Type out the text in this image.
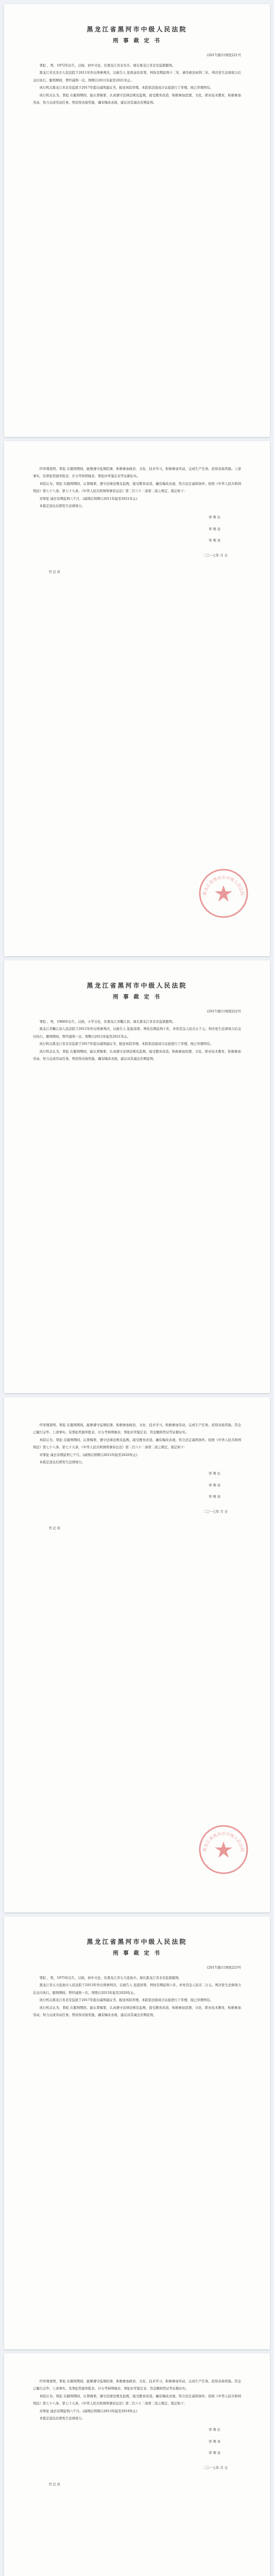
黑龙江省黑河市中级人民法院
刑 事 裁 定 书
(2017)黑11刑更221号

罪犯 ，男，1972年出生，汉族，初中文化，住黑龙江省北安市。现在黑龙江省北安监狱服刑。

黑龙江省北安市人民法院于2011年作出刑事判决，以被告人 犯故意伤害罪，判处有期徒刑十二年，剥夺政治权利二年。判决发生法律效力后交付执行。服刑期间，曾经减刑一次。刑期自2011年起至2021年止。

执行机关黑龙江省北安监狱于2017年提出减刑建议书，报送本院审理。本院依法组成合议庭进行了审理，现已审理终结。

执行机关认为，罪犯 在服刑期间，能认罪悔罪，认真遵守法律法规及监规，接受教育改造，积极参加思想、文化、职业技术教育，积极参加劳动，努力完成劳动任务。曾获得表扬奖励，确有悔改表现，建议对其减去有期徒刑。

经审理查明，罪犯 在服刑期间，能够遵守监规纪律，积极参加政治、文化、技术学习，积极参加劳动，完成生产任务。获得表扬奖励。上述事实，有罪犯奖励审批表、计分考核明细表、罪犯评审鉴定表等证据证实。

本院认为，罪犯 在服刑期间，认罪悔罪，遵守法律法规及监规，接受教育改造，确有悔改表现，符合法定减刑条件。依照《中华人民共和国刑法》第七十八条、第七十九条，《中华人民共和国刑事诉讼法》第二百六十二条第二款之规定，裁定如下：

对罪犯 减去有期徒刑八个月。(减刑后刑期自2011年起至2021年止)

本裁定送达后即发生法律效力。

审 判 长
审 判 员
审 判 员
二〇一七年 月 日
书 记 员
黑龙江省黑河市中级人民法院
黑龙江省黑河市中级人民法院
刑 事 裁 定 书
(2017)黑11刑更222号

罪犯 ，男，1968年出生，汉族，小学文化，住黑龙江省嫩江县。现在黑龙江省北安监狱服刑。

黑龙江省嫩江县人民法院于2012年作出刑事判决，以被告人 犯抢劫罪，判处有期徒刑十年，并处罚金人民币五千元。判决发生法律效力后交付执行。服刑期间，曾经减刑一次。刑期自2012年起至2021年止。

执行机关黑龙江省北安监狱于2017年提出减刑建议书，报送本院审理。本院依法组成合议庭进行了审理，现已审理终结。

执行机关认为，罪犯 在服刑期间，能认罪悔罪，认真遵守法律法规及监规，接受教育改造，积极参加思想、文化、职业技术教育，积极参加劳动，努力完成劳动任务。曾获得表扬奖励，确有悔改表现，建议对其减去有期徒刑。

经审理查明，罪犯 在服刑期间，能够遵守监规纪律，积极参加政治、文化、技术学习，积极参加劳动，完成生产任务。获得表扬奖励。罚金已履行完毕。上述事实，有罪犯奖励审批表、计分考核明细表、罪犯评审鉴定表、罚金缴纳凭证等证据证实。

本院认为，罪犯 在服刑期间，认罪悔罪，遵守法律法规及监规，接受教育改造，确有悔改表现，符合法定减刑条件。依照《中华人民共和国刑法》第七十八条、第七十九条，《中华人民共和国刑事诉讼法》第二百六十二条第二款之规定，裁定如下：

对罪犯 减去有期徒刑七个月。(减刑后刑期自2012年起至2020年止)

本裁定送达后即发生法律效力。

审 判 长
审 判 员
审 判 员
二〇一七年 月 日
书 记 员
黑龙江省黑河市中级人民法院
黑龙江省黑河市中级人民法院
刑 事 裁 定 书
(2017)黑11刑更223号

罪犯 ，男，1975年出生，汉族，初中文化，住黑龙江省五大连池市。现在黑龙江省北安监狱服刑。

黑龙江省五大连池市人民法院于2013年作出刑事判决，以被告人 犯盗窃罪，判处有期徒刑八年，并处罚金人民币二万元。判决发生法律效力后交付执行。服刑期间，曾经减刑一次。刑期自2013年起至2020年止。

执行机关黑龙江省北安监狱于2017年提出减刑建议书，报送本院审理。本院依法组成合议庭进行了审理，现已审理终结。

执行机关认为，罪犯 在服刑期间，能认罪悔罪，认真遵守法律法规及监规，接受教育改造，积极参加思想、文化、职业技术教育，积极参加劳动，努力完成劳动任务。曾获得表扬奖励，确有悔改表现，建议对其减去有期徒刑。

经审理查明，罪犯 在服刑期间，能够遵守监规纪律，积极参加政治、文化、技术学习，积极参加劳动，完成生产任务。获得表扬奖励。罚金已履行完毕。上述事实，有罪犯奖励审批表、计分考核明细表、罪犯评审鉴定表、罚金缴纳凭证等证据证实。

本院认为，罪犯 在服刑期间，认罪悔罪，遵守法律法规及监规，接受教育改造，确有悔改表现，符合法定减刑条件。依照《中华人民共和国刑法》第七十八条、第七十九条，《中华人民共和国刑事诉讼法》第二百六十二条第二款之规定，裁定如下：

对罪犯 减去有期徒刑六个月。(减刑后刑期自2013年起至2019年止)

本裁定送达后即发生法律效力。

审 判 长
审 判 员
审 判 员
二〇一七年 月 日
书 记 员
